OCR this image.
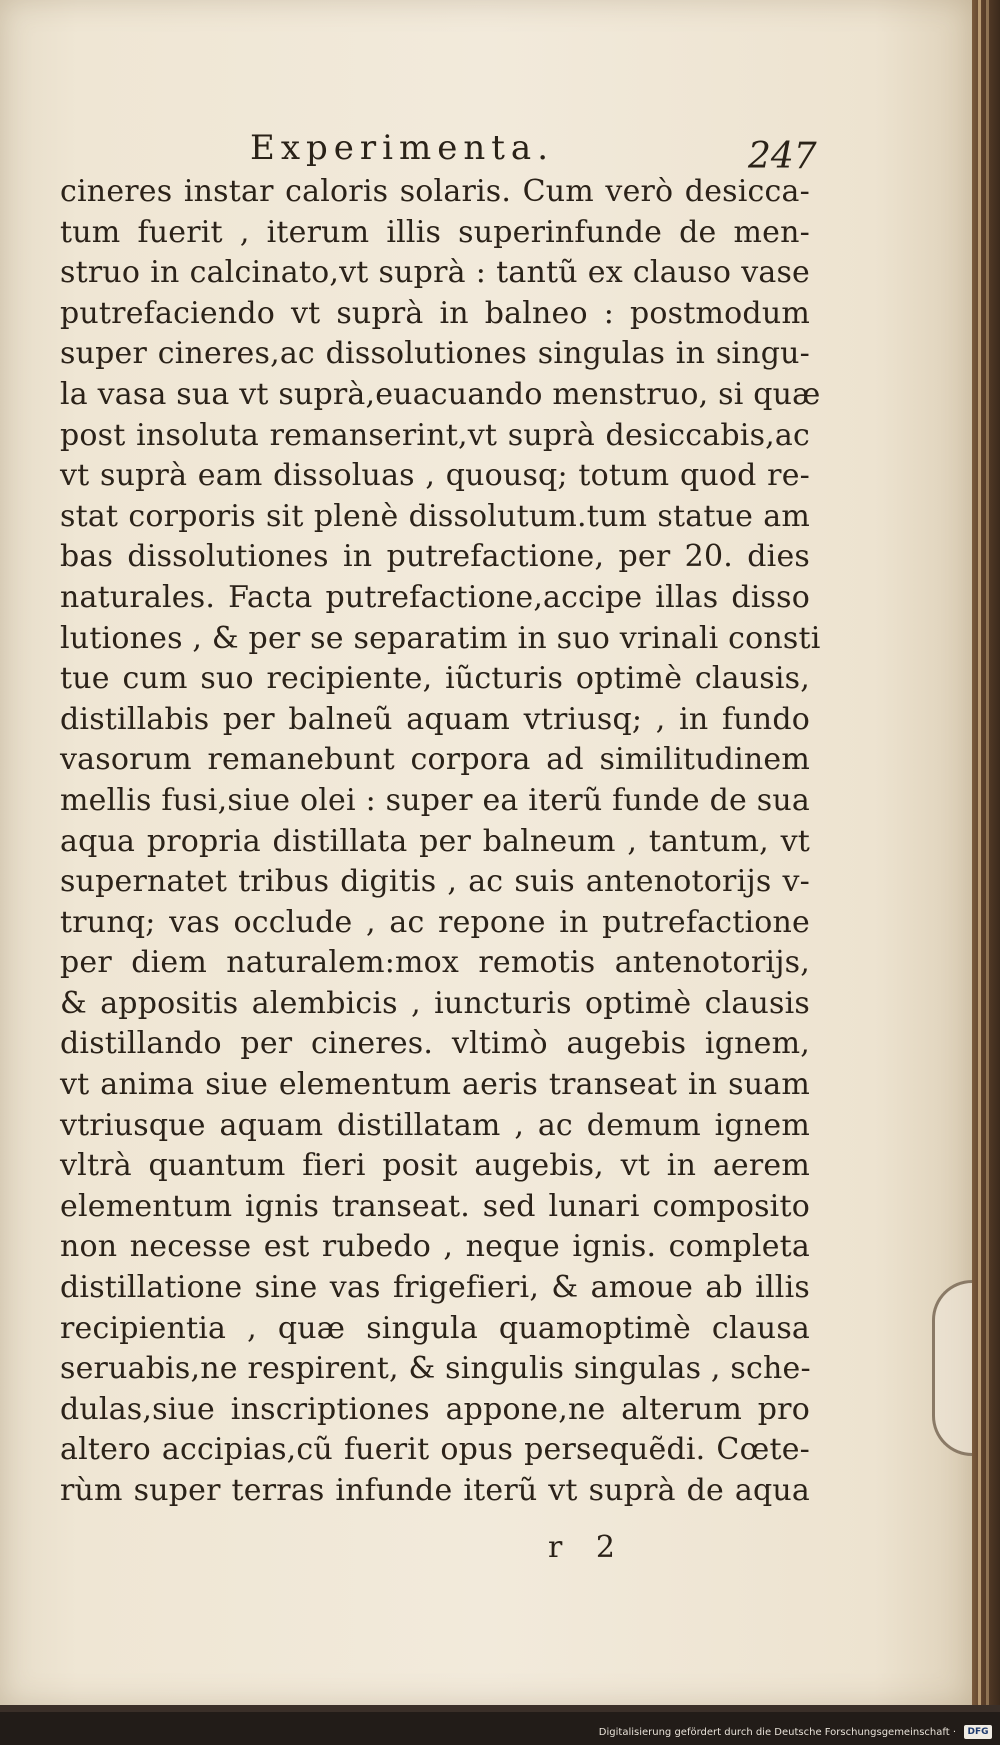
Experimenta.	247
cineres instar caloris solaris. Cum verò desicca-
tum fuerit , iterum illis superinfunde de men-
struo in calcinato,vt suprà : tantũ ex clauso vase
putrefaciendo vt suprà in balneo : postmodum
super cineres,ac dissolutiones singulas in singu-
la vasa sua vt suprà,euacuando menstruo, si quæ
post insoluta remanserint,vt suprà desiccabis,ac
vt suprà eam dissoluas , quousq; totum quod re-
stat corporis sit plenè dissolutum.tum statue am
bas dissolutiones in putrefactione, per 20. dies
naturales. Facta putrefactione,accipe illas disso
lutiones , & per se separatim in suo vrinali consti
tue cum suo recipiente, iũcturis optimè clausis,
distillabis per balneũ aquam vtriusq; , in fundo
vasorum remanebunt corpora ad similitudinem
mellis fusi,siue olei : super ea iterũ funde de sua
aqua propria distillata per balneum , tantum, vt
supernatet tribus digitis , ac suis antenotorijs v-
trunq; vas occlude , ac repone in putrefactione
per diem naturalem:mox remotis antenotorijs,
& appositis alembicis , iuncturis optimè clausis
distillando per cineres. vltimò augebis ignem,
vt anima siue elementum aeris transeat in suam
vtriusque aquam distillatam , ac demum ignem
vltrà quantum fieri posit augebis, vt in aerem
elementum ignis transeat. sed lunari composito
non necesse est rubedo , neque ignis. completa
distillatione sine vas frigefieri, & amoue ab illis
recipientia , quæ singula quamoptimè clausa
seruabis,ne respirent, & singulis singulas , sche-
dulas,siue inscriptiones appone,ne alterum pro
altero accipias,cũ fuerit opus persequẽdi. Cœte-
rùm super terras infunde iterũ vt suprà de aqua
r 2
Digitalisierung gefördert durch die Deutsche Forschungsgemeinschaft ·	DFG
